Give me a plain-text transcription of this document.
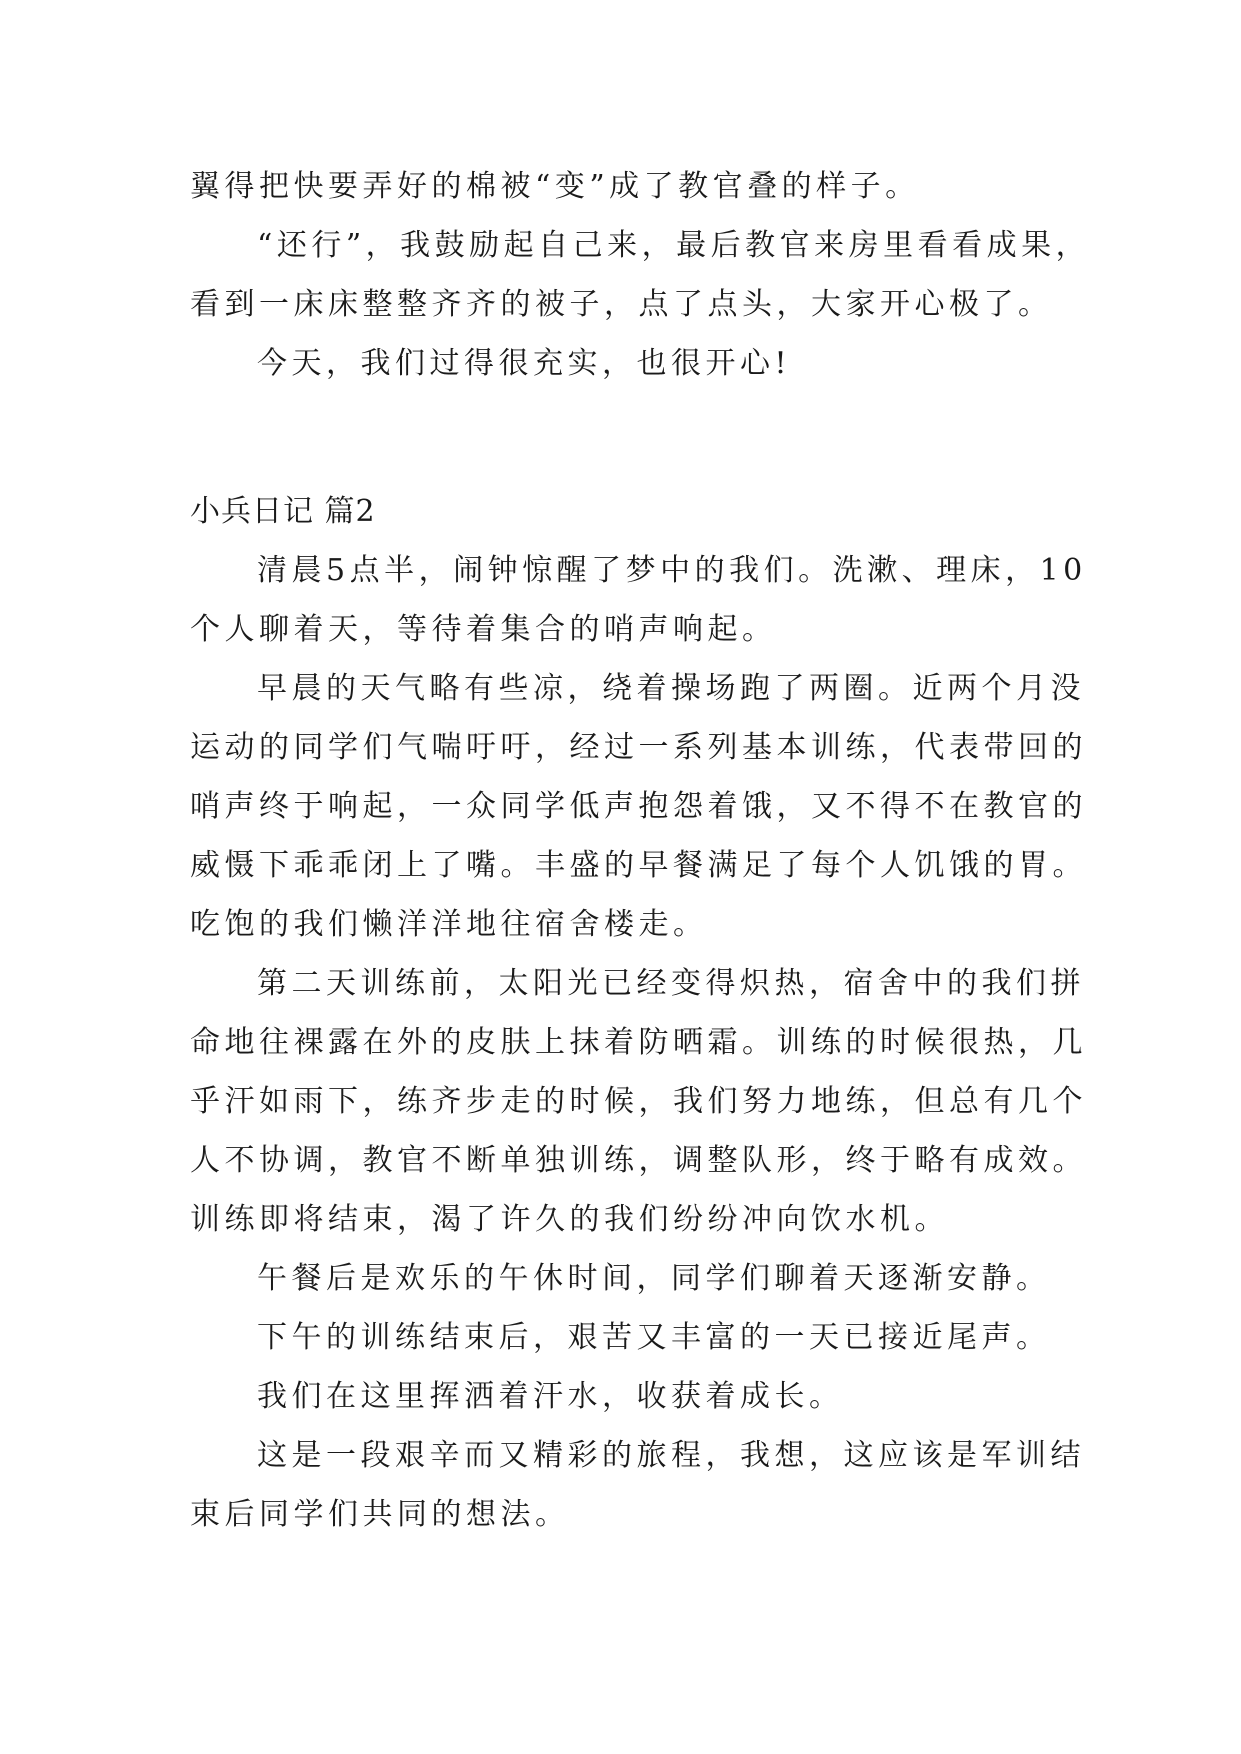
翼得把快要弄好的棉被“变”成了教官叠的样子。

“还行”，我鼓励起自己来，最后教官来房里看看成果，

看到一床床整整齐齐的被子，点了点头，大家开心极了。

今天，我们过得很充实，也很开心!

小兵日记 篇2

清晨5点半，闹钟惊醒了梦中的我们。洗漱、理床，10

个人聊着天，等待着集合的哨声响起。

早晨的天气略有些凉，绕着操场跑了两圈。近两个月没

运动的同学们气喘吁吁，经过一系列基本训练，代表带回的

哨声终于响起，一众同学低声抱怨着饿，又不得不在教官的

威慑下乖乖闭上了嘴。丰盛的早餐满足了每个人饥饿的胃。

吃饱的我们懒洋洋地往宿舍楼走。

第二天训练前，太阳光已经变得炽热，宿舍中的我们拼

命地往裸露在外的皮肤上抹着防晒霜。训练的时候很热，几

乎汗如雨下，练齐步走的时候，我们努力地练，但总有几个

人不协调，教官不断单独训练，调整队形，终于略有成效。

训练即将结束，渴了许久的我们纷纷冲向饮水机。

午餐后是欢乐的午休时间，同学们聊着天逐渐安静。

下午的训练结束后，艰苦又丰富的一天已接近尾声。

我们在这里挥洒着汗水，收获着成长。

这是一段艰辛而又精彩的旅程，我想，这应该是军训结

束后同学们共同的想法。
